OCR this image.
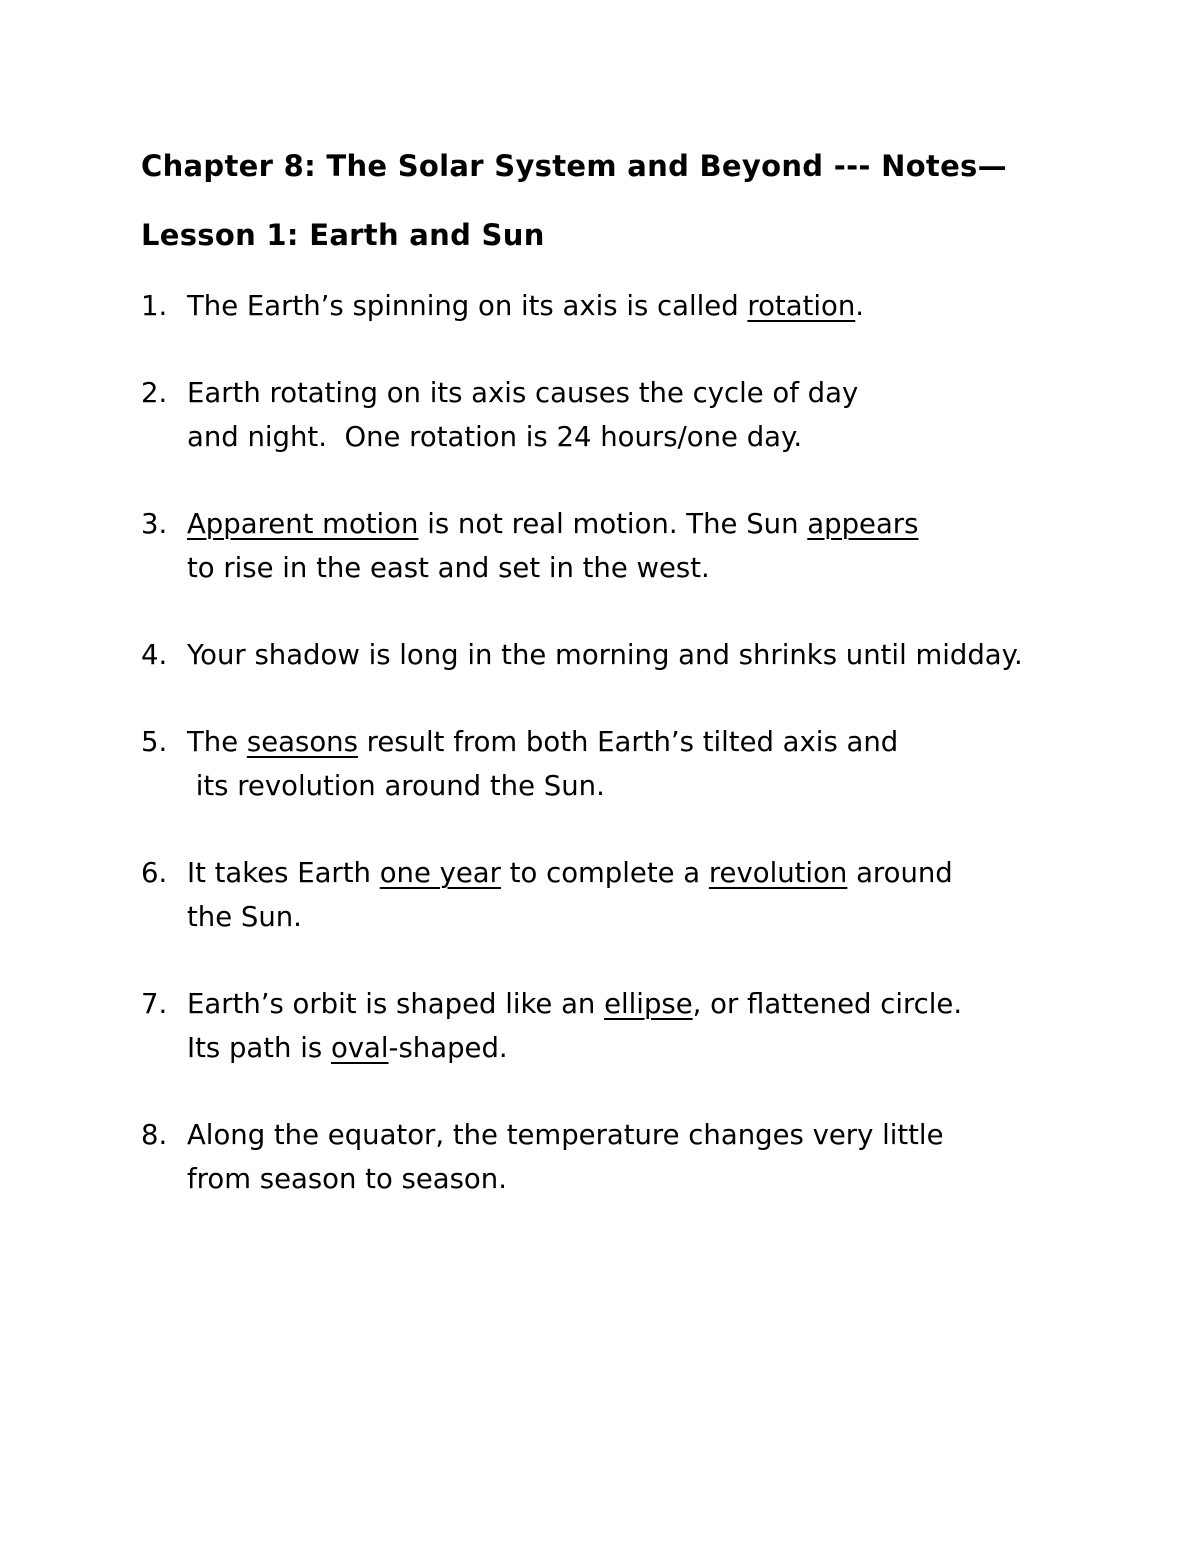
Chapter 8: The Solar System and Beyond --- Notes—
Lesson 1: Earth and Sun
1. The Earth’s spinning on its axis is called rotation.
2. Earth rotating on its axis causes the cycle of day
and night.  One rotation is 24 hours/one day.
3. Apparent motion is not real motion. The Sun appears
to rise in the east and set in the west.
4. Your shadow is long in the morning and shrinks until midday.
5. The seasons result from both Earth’s tilted axis and
its revolution around the Sun.
6. It takes Earth one year to complete a revolution around
the Sun.
7. Earth’s orbit is shaped like an ellipse, or flattened circle.
Its path is oval-shaped.
8. Along the equator, the temperature changes very little
from season to season.
